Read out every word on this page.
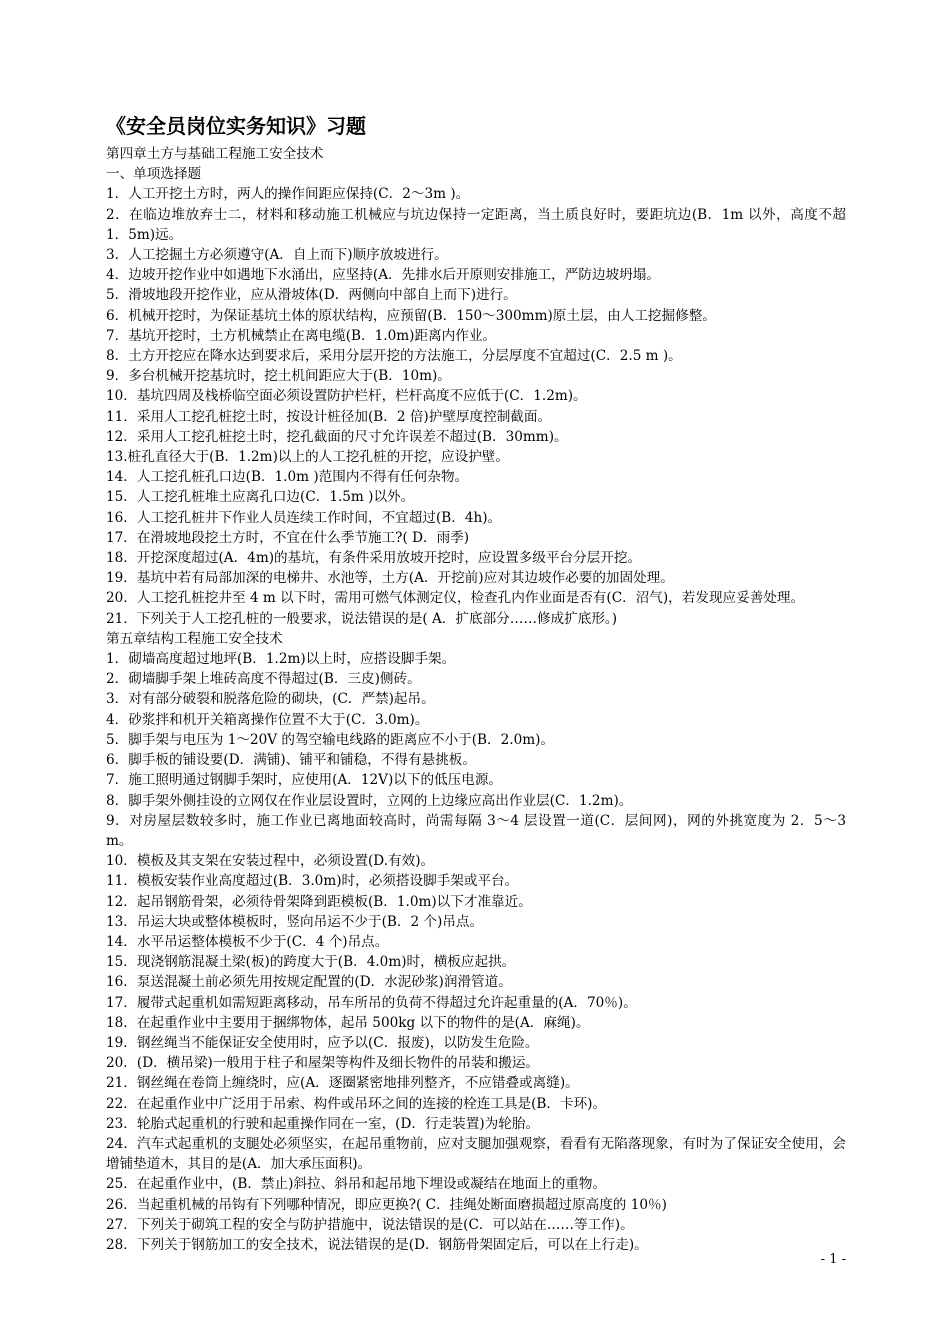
《安全员岗位实务知识》习题
第四章土方与基础工程施工安全技术
一、单项选择题
1．人工开挖土方时，两人的操作间距应保持(C．2～3m )。
2．在临边堆放弃士二，材料和移动施工机械应与坑边保持一定距离，当土质良好时，要距坑边(B．1m 以外，高度不超 1．5m)远。
3．人工挖掘土方必须遵守(A．自上而下)顺序放坡进行。
4．边坡开挖作业中如遇地下水涌出，应坚持(A．先排水后开原则安排施工，严防边坡坍塌。
5．滑坡地段开挖作业，应从滑坡体(D．两侧向中部自上而下)进行。
6．机械开挖时，为保证基坑土体的原状结构，应预留(B．150～300mm)原土层，由人工挖掘修整。
7．基坑开挖时，土方机械禁止在离电缆(B．1.0m)距离内作业。
8．土方开挖应在降水达到要求后，采用分层开挖的方法施工，分层厚度不宜超过(C．2.5 m )。
9．多台机械开挖基坑时，挖土机间距应大于(B．10m)。
10．基坑四周及栈桥临空面必须设置防护栏杆，栏杆高度不应低于(C．1.2m)。
11．采用人工挖孔桩挖土时，按设计桩径加(B．2 倍)护壁厚度控制截面。
12．采用人工挖孔桩挖土时，挖孔截面的尺寸允许误差不超过(B．30mm)。
13.桩孔直径大于(B．1.2m)以上的人工挖孔桩的开挖，应设护壁。
14．人工挖孔桩孔口边(B．1.0m )范围内不得有任何杂物。
15．人工挖孔桩堆土应离孔口边(C．1.5m )以外。
16．人工挖孔桩井下作业人员连续工作时间，不宜超过(B．4h)。
17．在滑坡地段挖土方时，不宜在什么季节施工?( D．雨季)
18．开挖深度超过(A．4m)的基坑，有条件采用放坡开挖时，应设置多级平台分层开挖。
19．基坑中若有局部加深的电梯井、水池等，土方(A．开挖前)应对其边坡作必要的加固处理。
20．人工挖孔桩挖井至 4 m 以下时，需用可燃气体测定仪，检查孔内作业面是否有(C．沼气)，若发现应妥善处理。
21．下列关于人工挖孔桩的一般要求，说法错误的是( A．扩底部分……修成扩底形。)
第五章结构工程施工安全技术
1．砌墙高度超过地坪(B．1.2m)以上时，应搭设脚手架。
2．砌墙脚手架上堆砖高度不得超过(B．三皮)侧砖。
3．对有部分破裂和脱落危险的砌块，(C．严禁)起吊。
4．砂浆拌和机开关箱离操作位置不大于(C．3.0m)。
5．脚手架与电压为 1～20V 的驾空输电线路的距离应不小于(B．2.0m)。
6．脚手板的铺设要(D．满铺)、铺平和铺稳，不得有悬挑板。
7．施工照明通过钢脚手架时，应使用(A．12V)以下的低压电源。
8．脚手架外侧挂设的立网仅在作业层设置时，立网的上边缘应高出作业层(C．1.2m)。
9．对房屋层数较多时，施工作业已离地面较高时，尚需每隔 3～4 层设置一道(C．层间网)，网的外挑宽度为 2．5～3 m。
10．模板及其支架在安装过程中，必须设置(D.有效)。
11．模板安装作业高度超过(B．3.0m)时，必须搭设脚手架或平台。
12．起吊钢筋骨架，必须待骨架降到距模板(B．1.0m)以下才准靠近。
13．吊运大块或整体模板时，竖向吊运不少于(B．2 个)吊点。
14．水平吊运整体模板不少于(C．4 个)吊点。
15．现浇钢筋混凝土梁(板)的跨度大于(B．4.0m)时，横板应起拱。
16．泵送混凝土前必须先用按规定配置的(D．水泥砂浆)润滑管道。
17．履带式起重机如需短距离移动，吊车所吊的负荷不得超过允许起重量的(A．70％)。
18．在起重作业中主要用于捆绑物体，起吊 500kg 以下的物件的是(A．麻绳)。
19．钢丝绳当不能保证安全使用时，应予以(C．报废)，以防发生危险。
20．(D．横吊梁)一般用于柱子和屋架等构件及细长物件的吊装和搬运。
21．钢丝绳在卷筒上缠绕时，应(A．逐圈紧密地排列整齐，不应错叠或离缝)。
22．在起重作业中广泛用于吊索、构件或吊环之间的连接的栓连工具是(B．卡环)。
23．轮胎式起重机的行驶和起重操作同在一室，(D．行走装置)为轮胎。
24．汽车式起重机的支腿处必须坚实，在起吊重物前，应对支腿加强观察，看看有无陷落现象，有时为了保证安全使用，会增铺垫道木，其目的是(A．加大承压面积)。
25．在起重作业中，(B．禁止)斜拉、斜吊和起吊地下埋设或凝结在地面上的重物。
26．当起重机械的吊钩有下列哪种情况，即应更换?( C．挂绳处断面磨损超过原高度的 10％)
27．下列关于砌筑工程的安全与防护措施中，说法错误的是(C．可以站在……等工作)。
28．下列关于钢筋加工的安全技术，说法错误的是(D．钢筋骨架固定后，可以在上行走)。
- 1 -
